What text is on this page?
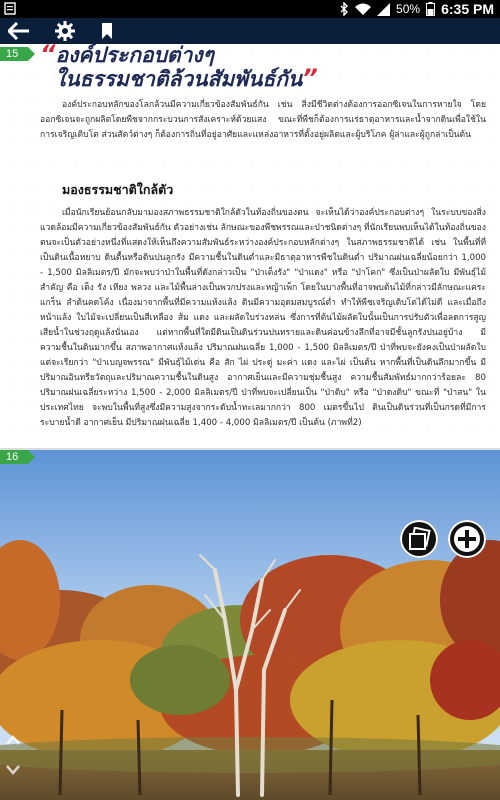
50% 6:35 PM
15 “องค์ประกอบต่างๆ
ในธรรมชาติล้วนสัมพันธ์กัน”
องค์ประกอบหลักของโลกล้วนมีความเกี่ยวข้องสัมพันธ์กัน เช่น สิ่งมีชีวิตต่างต้องการออกซิเจนในการหายใจ โดยออกซิเจนจะถูกผลิตโดยพืชจากกระบวนการสังเคราะห์ด้วยแสง ขณะที่พืชก็ต้องการแร่ธาตุอาหารและน้ำจากดินเพื่อใช้ในการเจริญเติบโต ส่วนสัตว์ต่างๆ ก็ต้องการถิ่นที่อยู่อาศัยและแหล่งอาหารที่ตั้งอยู่ผลิตและผู้บริโภค ผู้ล่าและผู้ถูกล่าเป็นต้น
มองธรรมชาติใกล้ตัว
เมื่อนักเรียนย้อนกลับมามองสภาพธรรมชาติใกล้ตัวในท้องถิ่นของตน จะเห็นได้ว่าองค์ประกอบต่างๆ ในระบบของสิ่งแวดล้อมมีความเกี่ยวข้องสัมพันธ์กัน ตัวอย่างเช่น ลักษณะของพืชพรรณและป่าชนิดต่างๆ ที่นักเรียนพบเห็นได้ในท้องถิ่นของตนจะเป็นตัวอย่างหนึ่งที่แสดงให้เห็นถึงความสัมพันธ์ระหว่างองค์ประกอบหลักต่างๆ ในสภาพธรรมชาติได้ เช่น ในพื้นที่ที่เป็นดินเนื้อหยาบ ดินตื้นหรือดินปนลูกรัง มีความชื้นในดินต่ำและมีธาตุอาหารพืชในดินต่ำ ปริมาณฝนเฉลี่ยน้อยกว่า 1,000 - 1,500 มิลลิเมตร/ปี มักจะพบว่าป่าในพื้นที่ดังกล่าวเป็น "ป่าเต็งรัง" "ป่าแดง" หรือ "ป่าโคก" ซึ่งเป็นป่าผลัดใบ มีพันธุ์ไม้สำคัญ คือ เต็ง รัง เหียง พลวง และไม้พื้นล่างเป็นพวกปรงและหญ้าเพ็ก โดยในบางพื้นที่อาจพบต้นไม้ที่กล่าวมีลักษณะแคระแกร็น ลำต้นคดโค้ง เนื่องมาจากพื้นที่มีความแห้งแล้ง ดินมีความอุดมสมบูรณ์ต่ำ ทำให้พืชเจริญเติบโตได้ไม่ดี และเมื่อถึงหน้าแล้ง ใบไม้จะเปลี่ยนเป็นสีเหลือง ส้ม แดง และผลัดใบร่วงหล่น ซึ่งการที่ต้นไม้ผลัดใบนั้นเป็นการปรับตัวเพื่อลดการสูญเสียน้ำในช่วงฤดูแล้งนั่นเอง แต่หากพื้นที่ใดมีดินเป็นดินร่วนปนทรายและดินค่อนข้างลึกที่อาจมีชั้นลูกรังปนอยู่บ้าง มีความชื้นในดินมากขึ้น สภาพอากาศแห้งแล้ง ปริมาณฝนเฉลี่ย 1,000 - 1,500 มิลลิเมตร/ปี ป่าที่พบจะยังคงเป็นป่าผลัดใบ แต่จะเรียกว่า "ป่าเบญจพรรณ" มีพันธุ์ไม้เด่น คือ สัก ไผ่ ประดู่ มะค่า แดง และไผ่ เป็นต้น หากพื้นที่เป็นดินลึกมากขึ้น มีปริมาณอินทรียวัตถุและปริมาณความชื้นในดินสูง อากาศเย็นและมีความชุ่มชื้นสูง ความชื้นสัมพัทธ์มากกว่าร้อยละ 80 ปริมาณฝนเฉลี่ยระหว่าง 1,500 - 2,000 มิลลิเมตร/ปี ป่าที่พบจะเปลี่ยนเป็น "ป่าดิบ" หรือ "ป่าดงดิบ" ขณะที่ "ป่าสน" ในประเทศไทย จะพบในพื้นที่สูงซึ่งมีความสูงจากระดับน้ำทะเลมากกว่า 800 เมตรขึ้นไป ดินเป็นดินร่วนที่เป็นกรดที่มีการระบายน้ำดี อากาศเย็น มีปริมาณฝนเฉลี่ย 1,400 - 4,000 มิลลิเมตร/ปี เป็นต้น (ภาพที่2)
16
